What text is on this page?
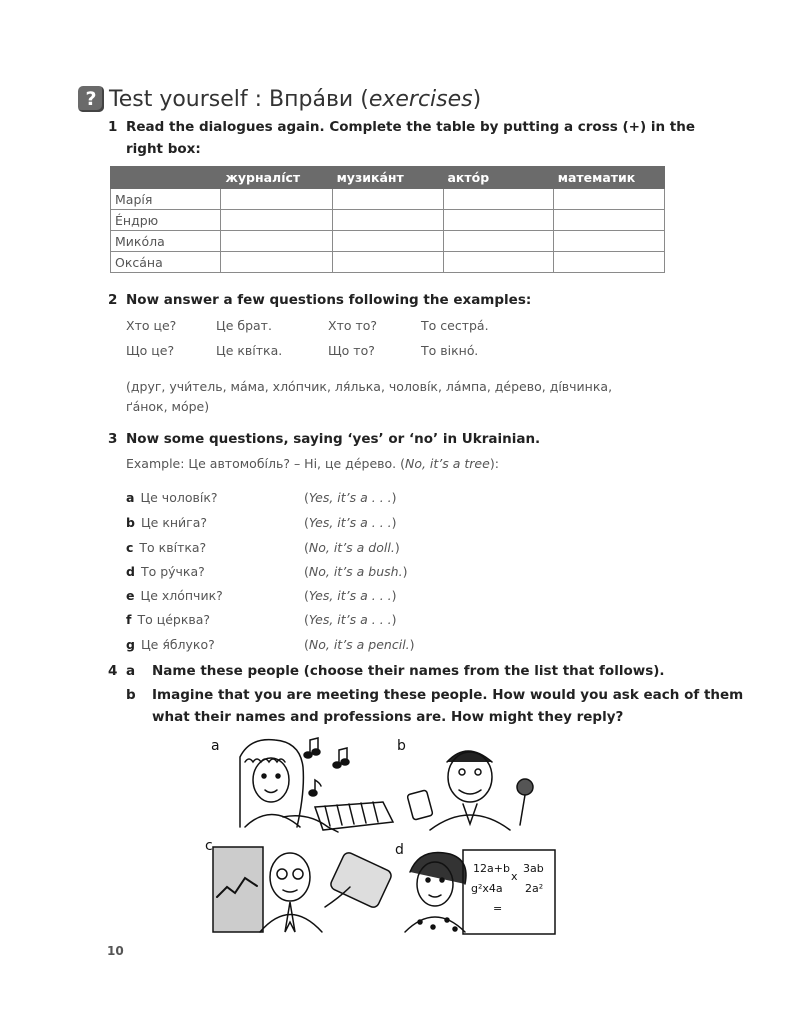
? Test yourself : Впрáви (exercises)
1 Read the dialogues again. Complete the table by putting a cross (+) in the
right box:
	журналíст	музикáнт	актóр	математик
Марíя				
Éндрю				
Микóла				
Оксáна				
2 Now answer a few questions following the examples:
Хто це?	Це брат.	Хто то?	То сестрá.
Що це?	Це квíтка.	Що то?	То вікнó.
(друг, учи́тель, мáма, хлóпчик, ля́лька, чоловíк, лáмпа, дéрево, дíвчинка,
ґáнок, мóре)
3 Now some questions, saying ‘yes’ or ‘no’ in Ukrainian.
Example: Це автомобíль? – Ні, це дéрево. (No, it’s a tree):
a Це чоловíк?	(Yes, it’s a . . .)
b Це кни́га?	(Yes, it’s a . . .)
c То квíтка?	(No, it’s a doll.)
d То рýчка?	(No, it’s a bush.)
e Це хлóпчик?	(Yes, it’s a . . .)
f То цéрква?	(Yes, it’s a . . .)
g Це я́блуко?	(No, it’s a pencil.)
4 a Name these people (choose their names from the list that follows).
b Imagine that you are meeting these people. How would you ask each of them
what their names and professions are. How might they reply?
a	b
c	d
12a+b
x
3ab
g²x4a 2a²
=
10
